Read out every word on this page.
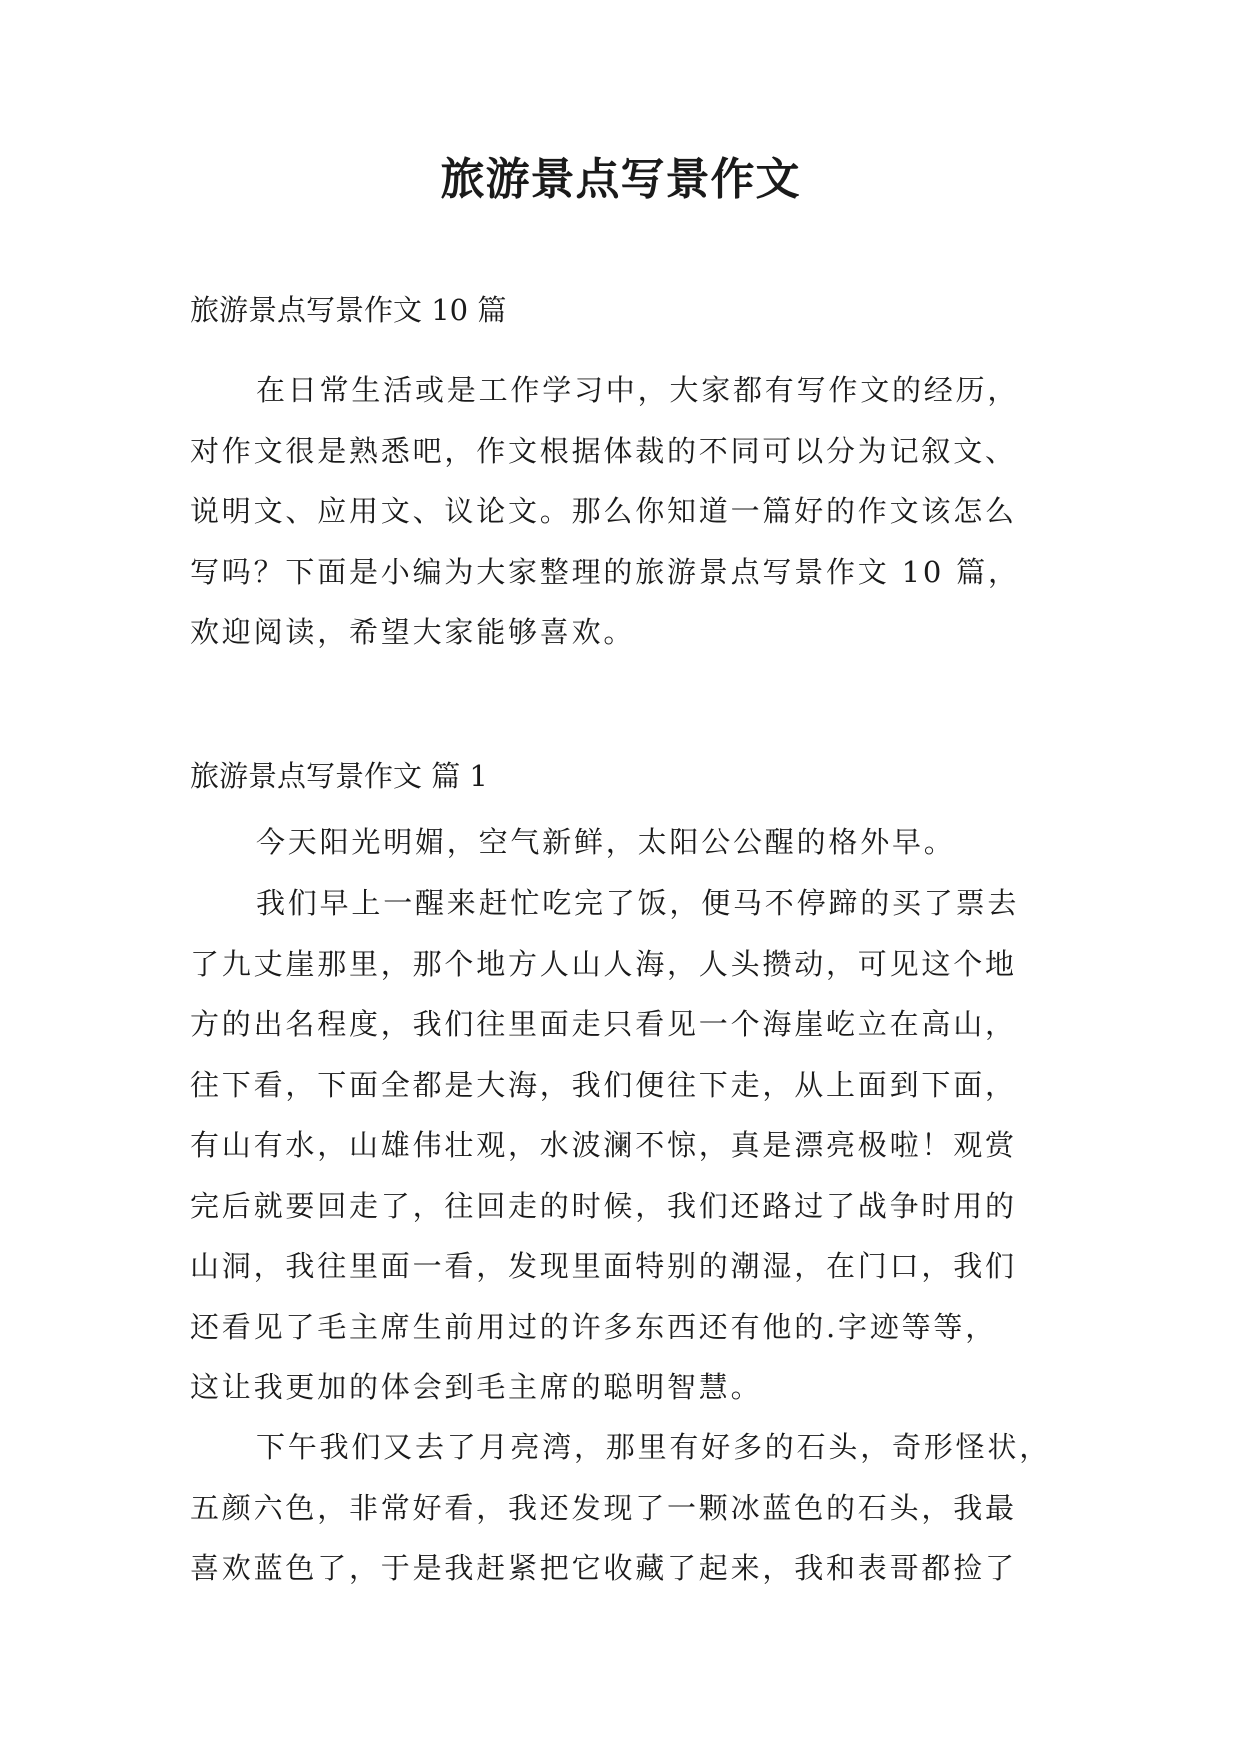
旅游景点写景作文

旅游景点写景作文 10 篇

在日常生活或是工作学习中，大家都有写作文的经历，
对作文很是熟悉吧，作文根据体裁的不同可以分为记叙文、
说明文、应用文、议论文。那么你知道一篇好的作文该怎么
写吗？下面是小编为大家整理的旅游景点写景作文 10 篇，
欢迎阅读，希望大家能够喜欢。

旅游景点写景作文 篇 1

今天阳光明媚，空气新鲜，太阳公公醒的格外早。
我们早上一醒来赶忙吃完了饭，便马不停蹄的买了票去
了九丈崖那里，那个地方人山人海，人头攒动，可见这个地
方的出名程度，我们往里面走只看见一个海崖屹立在高山，
往下看，下面全都是大海，我们便往下走，从上面到下面，
有山有水，山雄伟壮观，水波澜不惊，真是漂亮极啦！观赏
完后就要回走了，往回走的时候，我们还路过了战争时用的
山洞，我往里面一看，发现里面特别的潮湿，在门口，我们
还看见了毛主席生前用过的许多东西还有他的.字迹等等，
这让我更加的体会到毛主席的聪明智慧。
下午我们又去了月亮湾，那里有好多的石头，奇形怪状，
五颜六色，非常好看，我还发现了一颗冰蓝色的石头，我最
喜欢蓝色了，于是我赶紧把它收藏了起来，我和表哥都捡了
